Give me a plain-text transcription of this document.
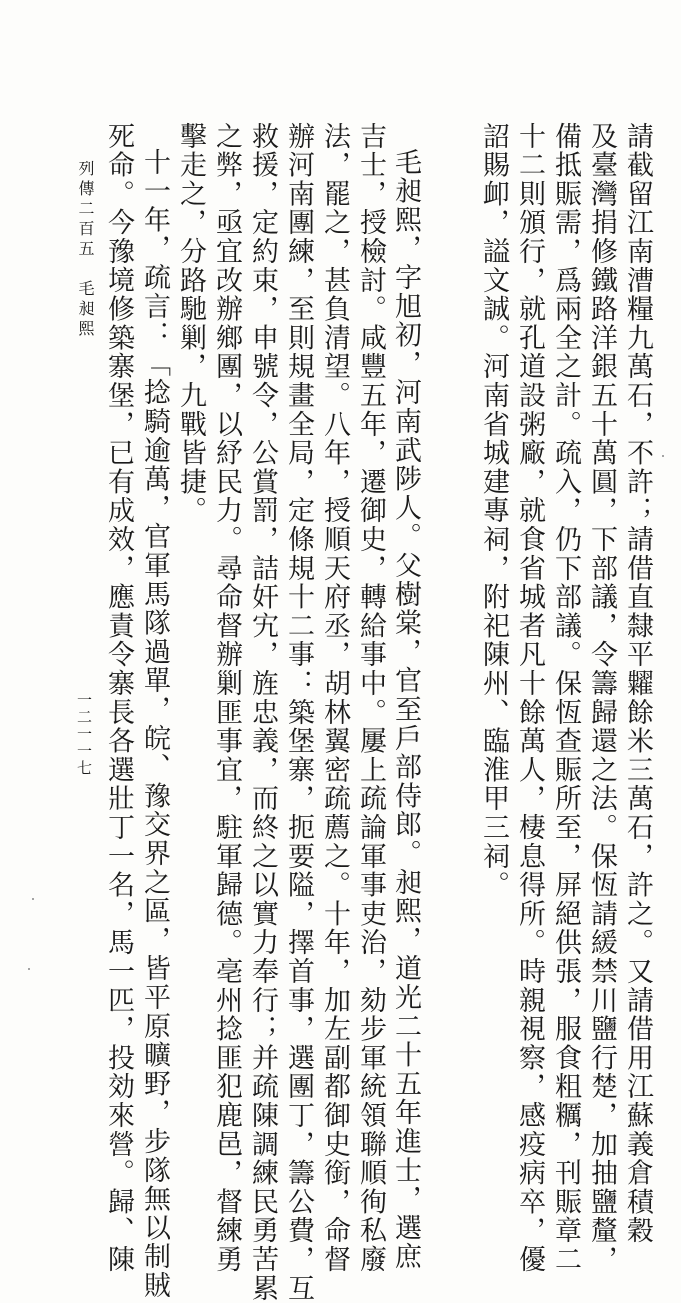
請截留江南漕糧九萬石，不許；請借直隸平糶餘米三萬石，許之。又請借用江蘇義倉積穀
及臺灣捐修鐵路洋銀五十萬圓，下部議，令籌歸還之法。保恆請緩禁川鹽行楚，加抽鹽釐，
備抵賑需，爲兩全之計。疏入，仍下部議。保恆查賑所至，屏絕供張，服食粗糲，刊賑章二
十二則頒行，就孔道設粥廠，就食省城者凡十餘萬人，棲息得所。時親視察，感疫病卒，優
詔賜卹，謚文誠。河南省城建專祠，附祀陳州、臨淮甲三祠。
毛昶熙，字旭初，河南武陟人。父樹棠，官至戶部侍郎。昶熙，道光二十五年進士，選庶
吉士，授檢討。咸豐五年，遷御史，轉給事中。屢上疏論軍事吏治，劾步軍統領聯順徇私廢
法，罷之，甚負清望。八年，授順天府丞，胡林翼密疏薦之。十年，加左副都御史銜，命督
辦河南團練，至則規畫全局，定條規十二事：築堡寨，扼要隘，擇首事，選團丁，籌公費，互
救援，定約束，申號令，公賞罰，詰奸宄，旌忠義，而終之以實力奉行；并疏陳調練民勇苦累
之弊，亟宜改辦鄉團，以紓民力。尋命督辦剿匪事宜，駐軍歸德。亳州捻匪犯鹿邑，督練勇
擊走之，分路馳剿，九戰皆捷。
十一年，疏言：「捻騎逾萬，官軍馬隊過單，皖、豫交界之區，皆平原曠野，步隊無以制賊
死命。今豫境修築寨堡，已有成效，應責令寨長各選壯丁一名，馬一匹，投効來營。歸、陳
列傳二百五　毛昶熙
一二一一七
